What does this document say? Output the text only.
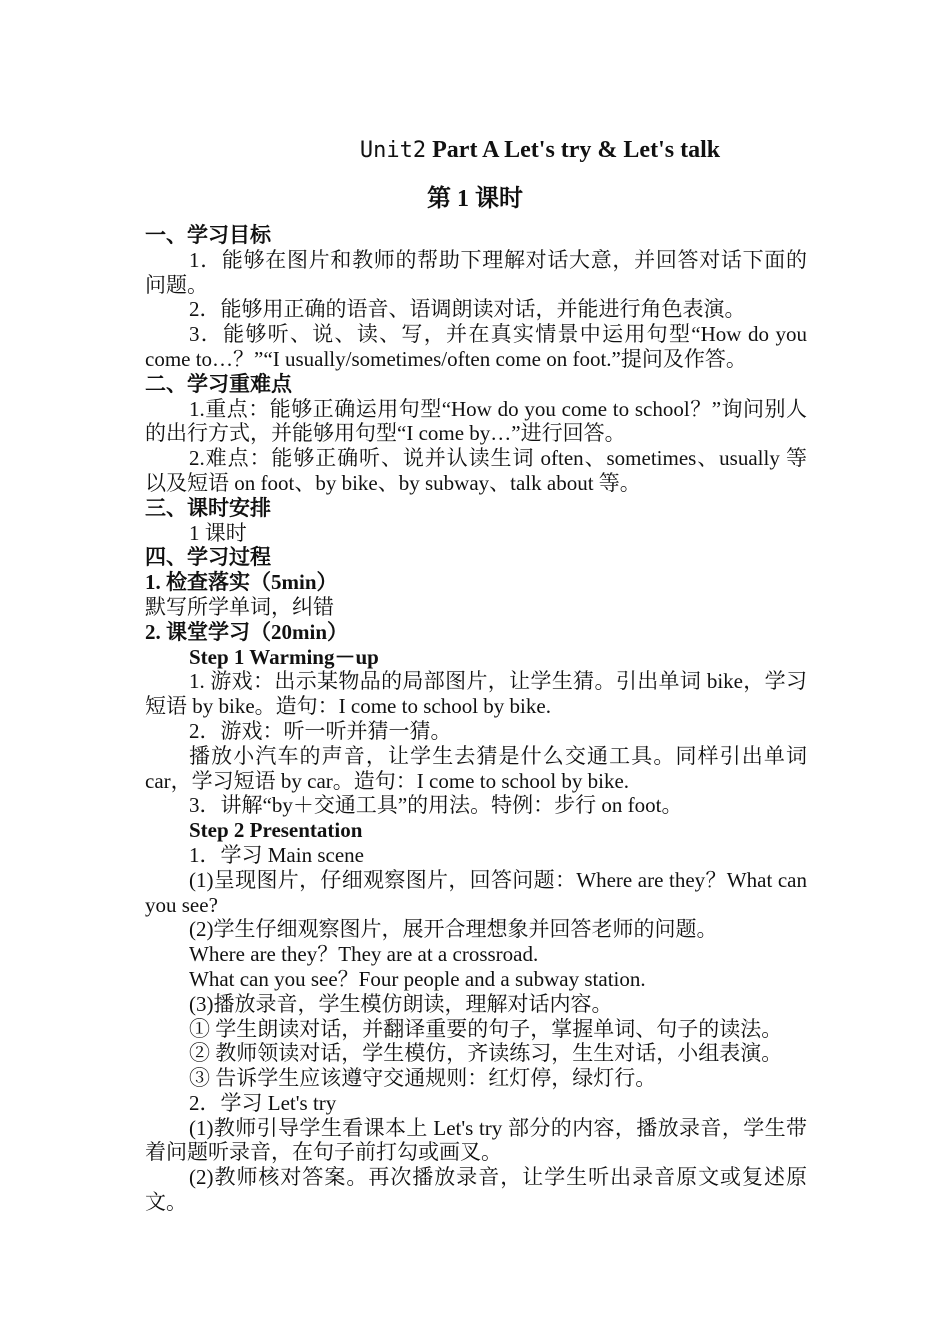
Unit2 Part A Let's try & Let's talk
第 1 课时

一、学习目标

1．能够在图片和教师的帮助下理解对话大意，并回答对话下面的问题。

2．能够用正确的语音、语调朗读对话，并能进行角色表演。

3．能够听、说、读、写，并在真实情景中运用句型“How do you come to…？”“I usually/sometimes/often come on foot.”提问及作答。

二、学习重难点

1.重点：能够正确运用句型“How do you come to school？”询问别人的出行方式，并能够用句型“I come by…”进行回答。

2.难点：能够正确听、说并认读生词 often、sometimes、usually 等以及短语 on foot、by bike、by subway、talk about 等。

三、课时安排

1 课时

四、学习过程

1. 检查落实（5min）

默写所学单词，纠错

2. 课堂学习（20min）

Step 1 Warming－up

1. 游戏：出示某物品的局部图片，让学生猜。引出单词 bike，学习短语 by bike。造句：I come to school by bike.

2．游戏：听一听并猜一猜。

播放小汽车的声音，让学生去猜是什么交通工具。同样引出单词 car，学习短语 by car。造句：I come to school by bike.

3．讲解“by＋交通工具”的用法。特例：步行 on foot。

Step 2 Presentation

1．学习 Main scene

(1)呈现图片，仔细观察图片，回答问题：Where are they？What can you see?

(2)学生仔细观察图片，展开合理想象并回答老师的问题。

Where are they？They are at a crossroad.

What can you see？Four people and a subway station.

(3)播放录音，学生模仿朗读，理解对话内容。

① 学生朗读对话，并翻译重要的句子，掌握单词、句子的读法。

② 教师领读对话，学生模仿，齐读练习，生生对话，小组表演。

③ 告诉学生应该遵守交通规则：红灯停，绿灯行。

2．学习 Let's try

(1)教师引导学生看课本上 Let's try 部分的内容，播放录音，学生带着问题听录音，在句子前打勾或画叉。

(2)教师核对答案。再次播放录音，让学生听出录音原文或复述原文。
